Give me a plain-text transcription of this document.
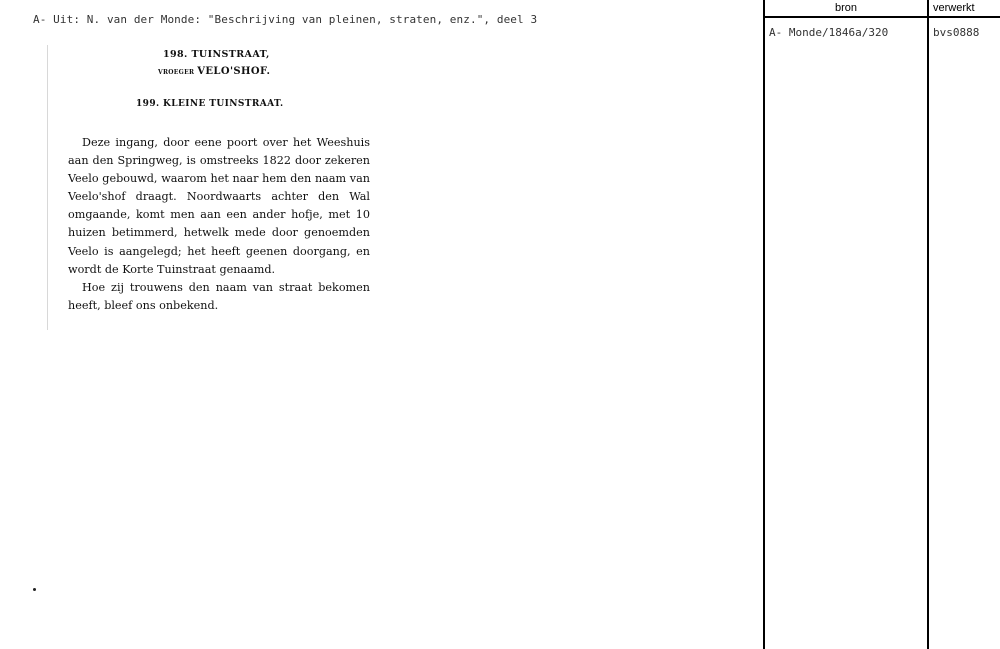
A- Uit: N. van der Monde: "Beschrijving van pleinen, straten, enz.", deel 3
198. TUINSTRAAT,
VROEGER VELO'SHOF.
199. KLEINE TUINSTRAAT.

Deze ingang, door eene poort over het Weeshuis aan den Springweg, is omstreeks 1822 door zekeren Veelo gebouwd, waarom het naar hem den naam van Veelo'shof draagt. Noordwaarts achter den Wal omgaande, komt men aan een ander hofje, met 10 huizen betimmerd, hetwelk mede door genoemden Veelo is aangelegd; het heeft geenen doorgang, en wordt de Korte Tuinstraat genaamd.

Hoe zij trouwens den naam van straat bekomen heeft, bleef ons onbekend.

bron	verwerkt
A- Monde/1846a/320	bvs0888
